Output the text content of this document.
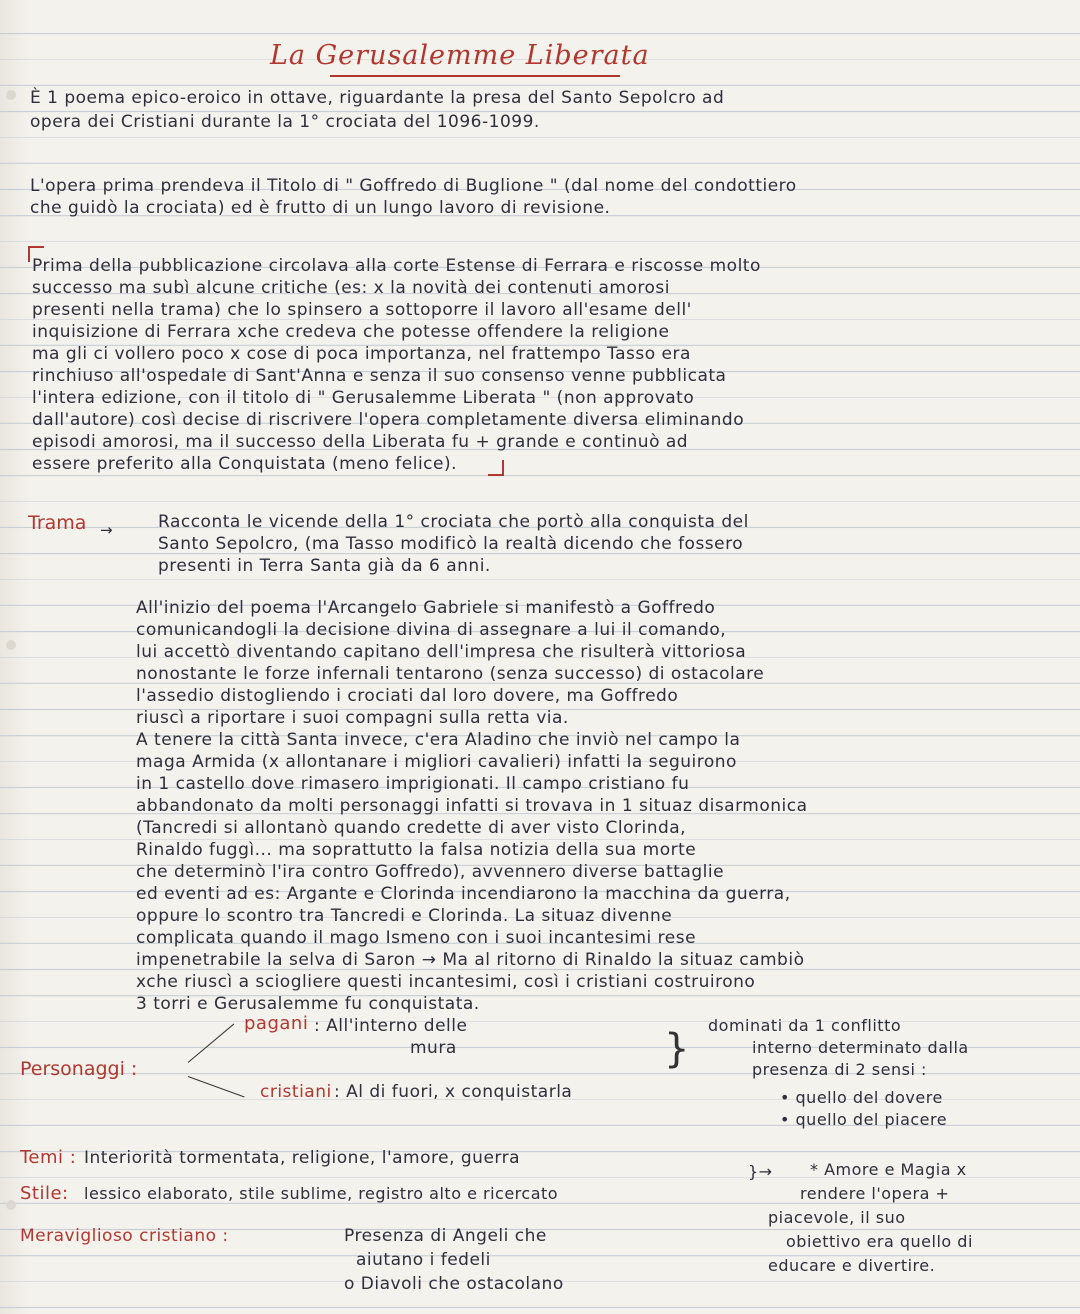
La Gerusalemme Liberata
È 1 poema epico-eroico in ottave, riguardante la presa del Santo Sepolcro ad
opera dei Cristiani durante la 1° crociata del 1096-1099.
L'opera prima prendeva il Titolo di " Goffredo di Buglione " (dal nome del condottiero
che guidò la crociata) ed è frutto di un lungo lavoro di revisione.
Prima della pubblicazione circolava alla corte Estense di Ferrara e riscosse molto
successo ma subì alcune critiche (es: x la novità dei contenuti amorosi
presenti nella trama) che lo spinsero a sottoporre il lavoro all'esame dell'
inquisizione di Ferrara xche credeva che potesse offendere la religione
ma gli ci vollero poco x cose di poca importanza, nel frattempo Tasso era
rinchiuso all'ospedale di Sant'Anna e senza il suo consenso venne pubblicata
l'intera edizione, con il titolo di " Gerusalemme Liberata " (non approvato
dall'autore) così decise di riscrivere l'opera completamente diversa eliminando
episodi amorosi, ma il successo della Liberata fu + grande e continuò ad
essere preferito alla Conquistata (meno felice).
Trama →	Racconta le vicende della 1° crociata che portò alla conquista del
Santo Sepolcro, (ma Tasso modificò la realtà dicendo che fossero
presenti in Terra Santa già da 6 anni.
All'inizio del poema l'Arcangelo Gabriele si manifestò a Goffredo
comunicandogli la decisione divina di assegnare a lui il comando,
lui accettò diventando capitano dell'impresa che risulterà vittoriosa
nonostante le forze infernali tentarono (senza successo) di ostacolare
l'assedio distogliendo i crociati dal loro dovere, ma Goffredo
riuscì a riportare i suoi compagni sulla retta via.
A tenere la città Santa invece, c'era Aladino che inviò nel campo la
maga Armida (x allontanare i migliori cavalieri) infatti la seguirono
in 1 castello dove rimasero imprigionati. Il campo cristiano fu
abbandonato da molti personaggi infatti si trovava in 1 situaz disarmonica
(Tancredi si allontanò quando credette di aver visto Clorinda,
Rinaldo fuggì... ma soprattutto la falsa notizia della sua morte
che determinò l'ira contro Goffredo), avvennero diverse battaglie
ed eventi ad es: Argante e Clorinda incendiarono la macchina da guerra,
oppure lo scontro tra Tancredi e Clorinda. La situaz divenne
complicata quando il mago Ismeno con i suoi incantesimi rese
impenetrabile la selva di Saron → Ma al ritorno di Rinaldo la situaz cambiò
xche riuscì a sciogliere questi incantesimi, così i cristiani costruirono
3 torri e Gerusalemme fu conquistata.
Personaggi :
pagani : All'interno delle
mura
cristiani : Al di fuori, x conquistarla
}
dominati da 1 conflitto
interno determinato dalla
presenza di 2 sensi :
• quello del dovere
• quello del piacere
Temi : Interiorità tormentata, religione, l'amore, guerra
Stile: lessico elaborato, stile sublime, registro alto e ricercato
Meraviglioso cristiano :	Presenza di Angeli che
aiutano i fedeli
o Diavoli che ostacolano
}→ * Amore e Magia x
rendere l'opera +
piacevole, il suo
obiettivo era quello di
educare e divertire.
